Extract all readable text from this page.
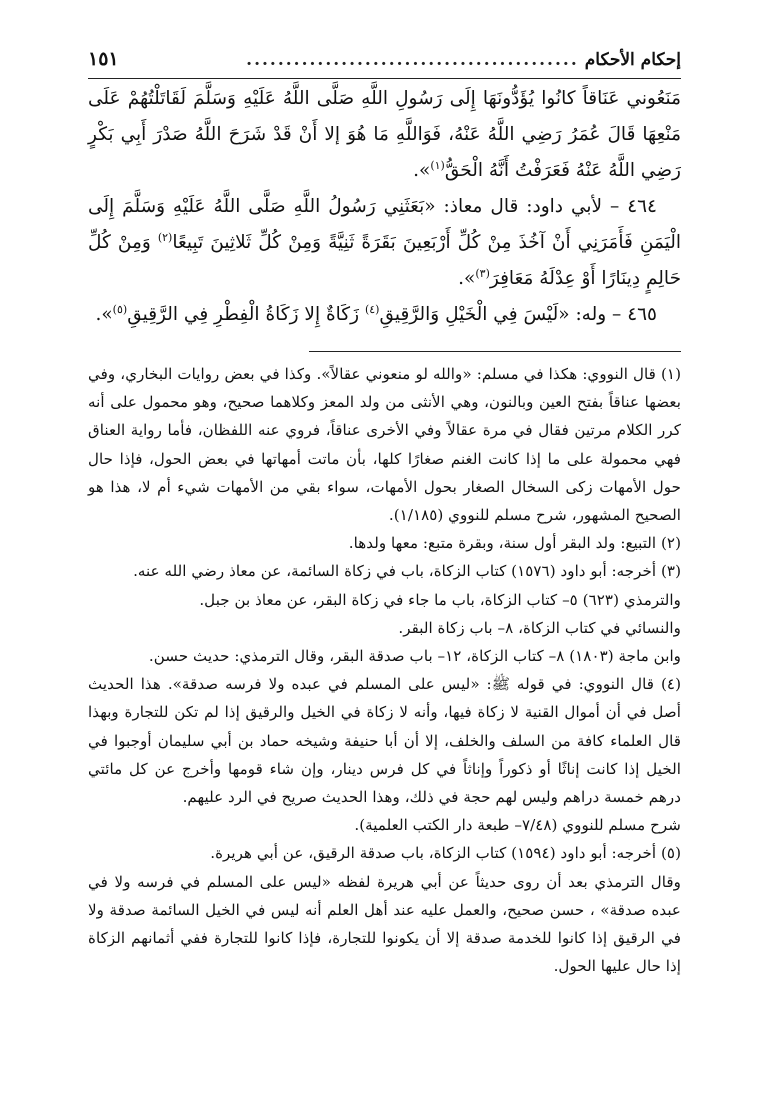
إحكام الأحكام
..........................................
١٥١

مَنَعُوني عَنَاقاً كانُوا يُؤَدُّونَهَا إِلَى رَسُولِ اللَّهِ صَلَّى اللَّهُ عَلَيْهِ وَسَلَّمَ لَقَاتَلْتُهُمْ عَلَى مَنْعِهَا قَالَ عُمَرُ رَضِي اللَّهُ عَنْهُ، فَوَاللَّهِ مَا هُوَ إلا أَنْ قَدْ شَرَحَ اللَّهُ صَدْرَ أَبِي بَكْرٍ رَضِي اللَّهُ عَنْهُ فَعَرَفْتُ أَنَّهُ الْحَقُّ$^{(١)}$».

٤٦٤ – لأبي داود: قال معاذ: «بَعَثَنِي رَسُولُ اللَّهِ صَلَّى اللَّهُ عَلَيْهِ وَسَلَّمَ إِلَى الْيَمَنِ فَأَمَرَنِي أَنْ آخُذَ مِنْ كُلِّ أَرْبَعِينَ بَقَرَةً ثَنِيَّةً وَمِنْ كُلِّ ثَلاثِينَ تَبِيعًا$^{(٢)}$ وَمِنْ كُلِّ حَالِمٍ دِينَارًا أَوْ عِدْلَهُ مَعَافِرَ$^{(٣)}$».

٤٦٥ – وله: «لَيْسَ فِي الْخَيْلِ وَالرَّقِيقِ$^{(٤)}$ زَكَاةٌ إِلا زَكَاةُ الْفِطْرِ فِي الرَّقِيقِ$^{(٥)}$».

(١) قال النووي: هكذا في مسلم: «والله لو منعوني عقالاً». وكذا في بعض روايات البخاري، وفي بعضها عناقاً بفتح العين وبالنون، وهي الأنثى من ولد المعز وكلاهما صحيح، وهو محمول على أنه كرر الكلام مرتين فقال في مرة عقالاً وفي الأخرى عناقاً، فروي عنه اللفظان، فأما رواية العناق فهي محمولة على ما إذا كانت الغنم صغارًا كلها، بأن ماتت أمهاتها في بعض الحول، فإذا حال حول الأمهات زكى السخال الصغار بحول الأمهات، سواء بقي من الأمهات شيء أم لا، هذا هو الصحيح المشهور، شرح مسلم للنووي (١/١٨٥).

(٢) التبيع: ولد البقر أول سنة، وبقرة متبع: معها ولدها.

(٣) أخرجه: أبو داود (١٥٧٦) كتاب الزكاة، باب في زكاة السائمة، عن معاذ رضي الله عنه.

والترمذي (٦٢٣) ٥– كتاب الزكاة، باب ما جاء في زكاة البقر، عن معاذ بن جبل.

والنسائي في كتاب الزكاة، ٨– باب زكاة البقر.

وابن ماجة (١٨٠٣) ٨– كتاب الزكاة، ١٢– باب صدقة البقر، وقال الترمذي: حديث حسن.

(٤) قال النووي: في قوله ﷺ: «ليس على المسلم في عبده ولا فرسه صدقة». هذا الحديث أصل في أن أموال القنية لا زكاة فيها، وأنه لا زكاة في الخيل والرقيق إذا لم تكن للتجارة وبهذا قال العلماء كافة من السلف والخلف، إلا أن أبا حنيفة وشيخه حماد بن أبي سليمان أوجبوا في الخيل إذا كانت إناثًا أو ذكوراً وإناثاً في كل فرس دينار، وإن شاء قومها وأخرج عن كل مائتي درهم خمسة دراهم وليس لهم حجة في ذلك، وهذا الحديث صريح في الرد عليهم.

شرح مسلم للنووي (٧/٤٨– طبعة دار الكتب العلمية).

(٥) أخرجه: أبو داود (١٥٩٤) كتاب الزكاة، باب صدقة الرقيق، عن أبي هريرة.

وقال الترمذي بعد أن روى حديثاً عن أبي هريرة لفظه «ليس على المسلم في فرسه ولا في عبده صدقة» ، حسن صحيح، والعمل عليه عند أهل العلم أنه ليس في الخيل السائمة صدقة ولا في الرقيق إذا كانوا للخدمة صدقة إلا أن يكونوا للتجارة، فإذا كانوا للتجارة ففي أثمانهم الزكاة إذا حال عليها الحول.
